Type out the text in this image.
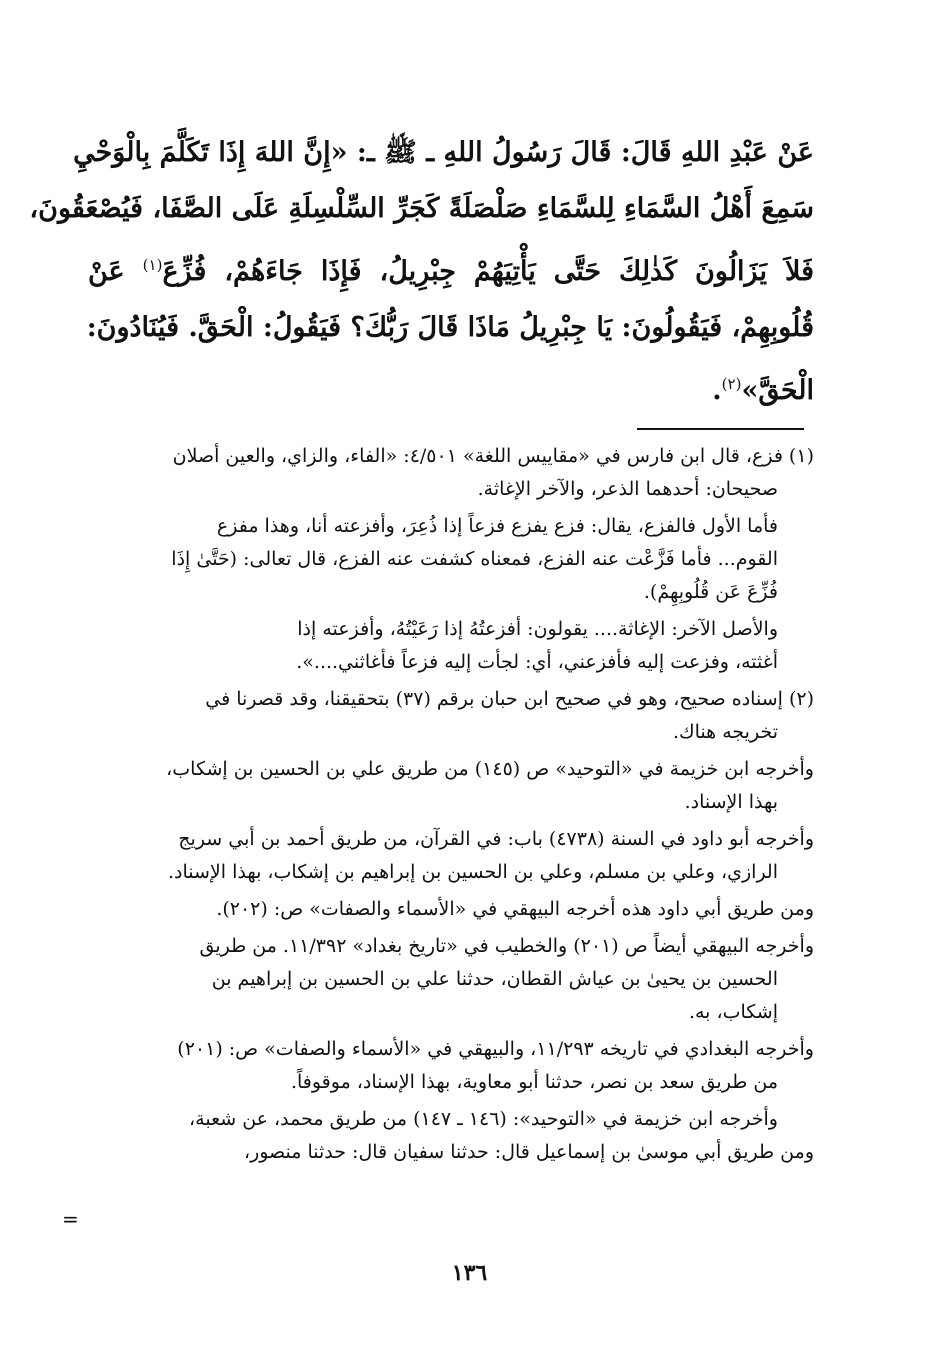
عَنْ عَبْدِ اللهِ قَالَ: قَالَ رَسُولُ اللهِ ـ ﷺ ـ: «إِنَّ اللهَ إِذَا تَكَلَّمَ بِالْوَحْيِ
سَمِعَ أَهْلُ السَّمَاءِ لِلسَّمَاءِ صَلْصَلَةً كَجَرِّ السِّلْسِلَةِ عَلَى الصَّفَا، فَيُصْعَقُونَ،
فَلاَ يَزَالُونَ كَذٰلِكَ حَتَّى يَأْتِيَهُمْ جِبْرِيلُ، فَإِذَا جَاءَهُمْ، فُزِّعَ$^{(١)}$ عَنْ
قُلُوبِهِمْ، فَيَقُولُونَ: يَا جِبْرِيلُ مَاذَا قَالَ رَبُّكَ؟ فَيَقُولُ: الْحَقَّ. فَيُنَادُونَ:
الْحَقَّ»$^{(٢)}$.
(١) فزع، قال ابن فارس في «مقاييس اللغة» ٤/٥٠١: «الفاء، والزاي، والعين أصلان
صحيحان: أحدهما الذعر، والآخر الإغاثة.
فأما الأول فالفزع، يقال: فزع يفزع فزعاً إذا ذُعِرَ، وأفزعته أنا، وهذا مفزع
القوم... فأما فَزَّعْت عنه الفزع، فمعناه كشفت عنه الفزع، قال تعالى: (حَتَّىٰ إِذَا
فُزِّعَ عَن قُلُوبِهِمْ).
والأصل الآخر: الإغاثة.... يقولون: أفزعتُهُ إذا رَعَيْتُهُ، وأفزعته إذا
أغثته، وفزعت إليه فأفزعني، أي: لجأت إليه فزعاً فأغاثني....».
(٢) إسناده صحيح، وهو في صحيح ابن حبان برقم (٣٧) بتحقيقنا، وقد قصرنا في
تخريجه هناك.
وأخرجه ابن خزيمة في «التوحيد» ص (١٤٥) من طريق علي بن الحسين بن إشكاب،
بهذا الإسناد.
وأخرجه أبو داود في السنة (٤٧٣٨) باب: في القرآن، من طريق أحمد بن أبي سريج
الرازي، وعلي بن مسلم، وعلي بن الحسين بن إبراهيم بن إشكاب، بهذا الإسناد.
ومن طريق أبي داود هذه أخرجه البيهقي في «الأسماء والصفات» ص: (٢٠٢).
وأخرجه البيهقي أيضاً ص (٢٠١) والخطيب في «تاريخ بغداد» ١١/٣٩٢. من طريق
الحسين بن يحيىٰ بن عياش القطان، حدثنا علي بن الحسين بن إبراهيم بن
إشكاب، به.
وأخرجه البغدادي في تاريخه ١١/٢٩٣، والبيهقي في «الأسماء والصفات» ص: (٢٠١)
من طريق سعد بن نصر، حدثنا أبو معاوية، بهذا الإسناد، موقوفاً.
وأخرجه ابن خزيمة في «التوحيد»: (١٤٦ ـ ١٤٧) من طريق محمد، عن شعبة،
ومن طريق أبي موسىٰ بن إسماعيل قال: حدثنا سفيان قال: حدثنا منصور،
=
١٣٦
